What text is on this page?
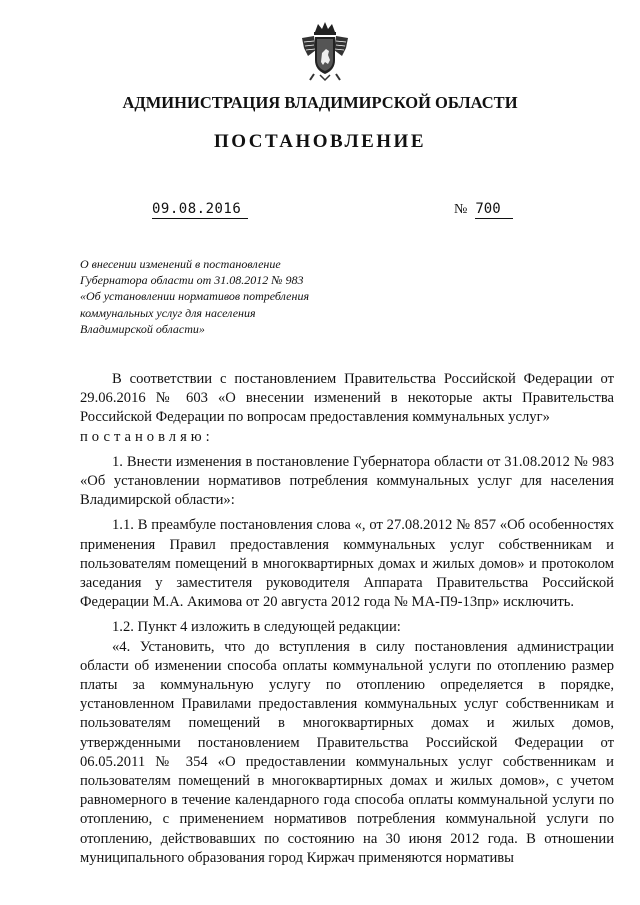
АДМИНИСТРАЦИЯ ВЛАДИМИРСКОЙ ОБЛАСТИ
ПОСТАНОВЛЕНИЕ
09.08.2016	№ 700
О внесении изменений в постановление
Губернатора области от 31.08.2012 № 983
«Об установлении нормативов потребления
коммунальных услуг для населения
Владимирской области»

В соответствии с постановлением Правительства Российской Федерации от 29.06.2016 № 603 «О внесении изменений в некоторые акты Правительства Российской Федерации по вопросам предоставления коммунальных услуг»

постановляю:

1. Внести изменения в постановление Губернатора области от 31.08.2012 № 983 «Об установлении нормативов потребления коммунальных услуг для населения Владимирской области»:

1.1. В преамбуле постановления слова «, от 27.08.2012 № 857 «Об особенностях применения Правил предоставления коммунальных услуг собственникам и пользователям помещений в многоквартирных домах и жилых домов» и протоколом заседания у заместителя руководителя Аппарата Правительства Российской Федерации М.А. Акимова от 20 августа 2012 года № МА-П9-13пр» исключить.

1.2. Пункт 4 изложить в следующей редакции:

«4. Установить, что до вступления в силу постановления администрации области об изменении способа оплаты коммунальной услуги по отоплению размер платы за коммунальную услугу по отоплению определяется в порядке, установленном Правилами предоставления коммунальных услуг собственникам и пользователям помещений в многоквартирных домах и жилых домов, утвержденными постановлением Правительства Российской Федерации от 06.05.2011 № 354 «О предоставлении коммунальных услуг собственникам и пользователям помещений в многоквартирных домах и жилых домов», с учетом равномерного в течение календарного года способа оплаты коммунальной услуги по отоплению, с применением нормативов потребления коммунальной услуги по отоплению, действовавших по состоянию на 30 июня 2012 года. В отношении муниципального образования город Киржач применяются нормативы
